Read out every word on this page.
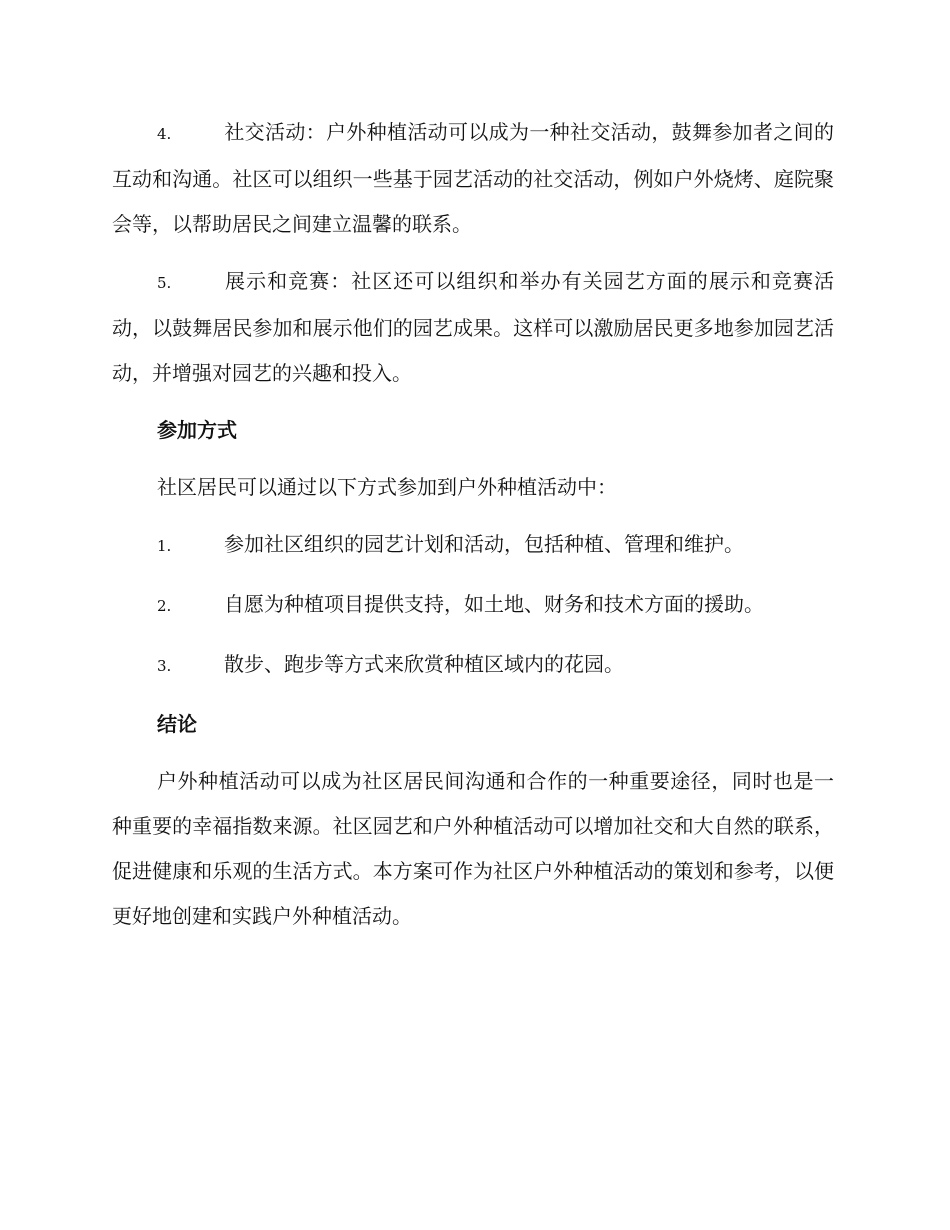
4.	社交活动：户外种植活动可以成为一种社交活动，鼓舞参加者之间的互动和沟通。社区可以组织一些基于园艺活动的社交活动，例如户外烧烤、庭院聚会等，以帮助居民之间建立温馨的联系。
5.	展示和竞赛：社区还可以组织和举办有关园艺方面的展示和竞赛活动，以鼓舞居民参加和展示他们的园艺成果。这样可以激励居民更多地参加园艺活动，并增强对园艺的兴趣和投入。
参加方式
社区居民可以通过以下方式参加到户外种植活动中：
1.	参加社区组织的园艺计划和活动，包括种植、管理和维护。
2.	自愿为种植项目提供支持，如土地、财务和技术方面的援助。
3.	散步、跑步等方式来欣赏种植区域内的花园。
结论
户外种植活动可以成为社区居民间沟通和合作的一种重要途径，同时也是一种重要的幸福指数来源。社区园艺和户外种植活动可以增加社交和大自然的联系，促进健康和乐观的生活方式。本方案可作为社区户外种植活动的策划和参考，以便更好地创建和实践户外种植活动。
